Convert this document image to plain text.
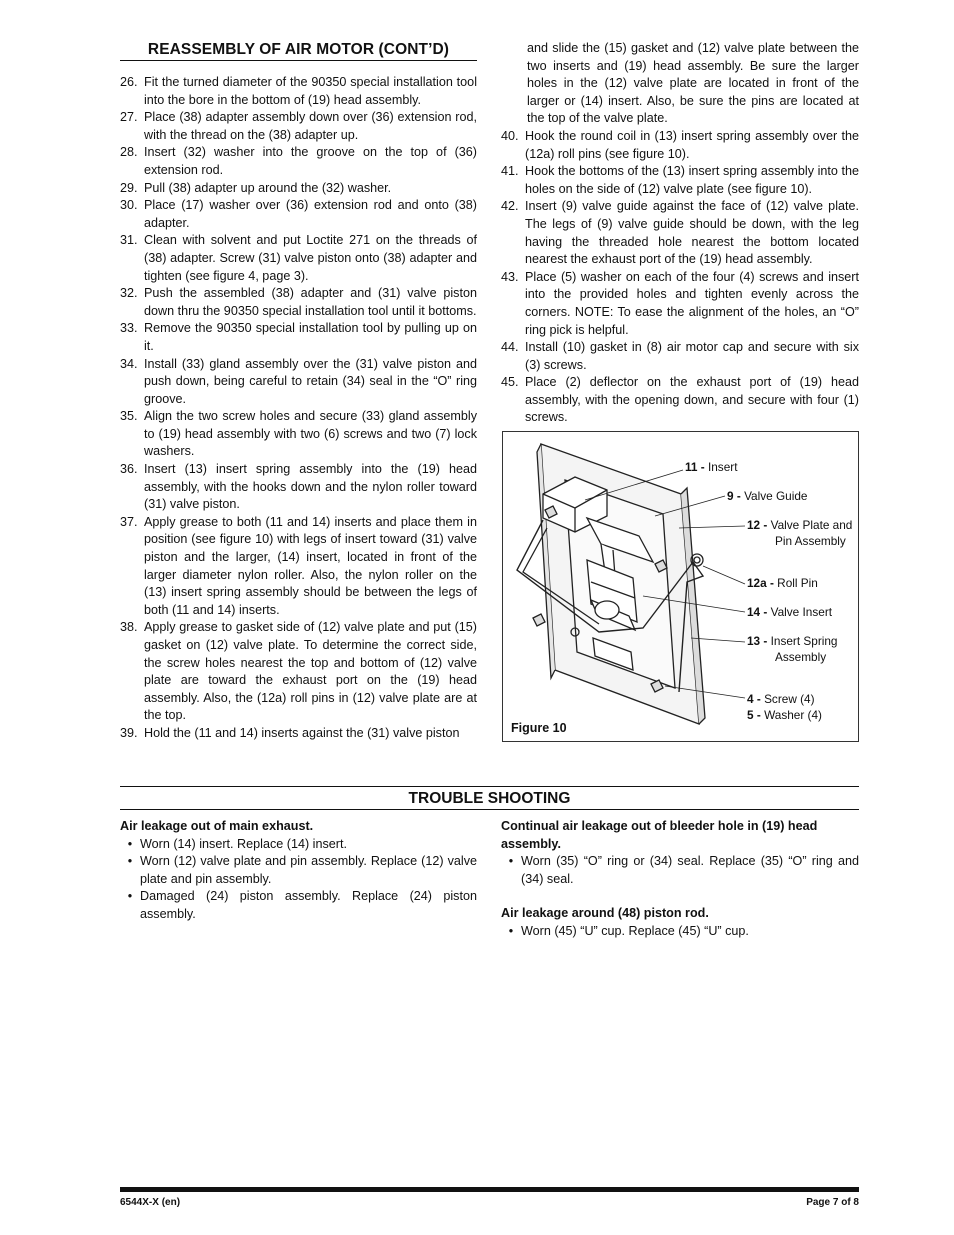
REASSEMBLY OF AIR MOTOR (CONT’D)
26. Fit the turned diameter of the 90350 special installation tool into the bore in the bottom of (19) head assembly.
27. Place (38) adapter assembly down over (36) extension rod, with the thread on the (38) adapter up.
28. Insert (32) washer into the groove on the top of (36) extension rod.
29. Pull (38) adapter up around the (32) washer.
30. Place (17) washer over (36) extension rod and onto (38) adapter.
31. Clean with solvent and put Loctite 271 on the threads of (38) adapter. Screw (31) valve piston onto (38) adapter and tighten (see figure 4, page 3).
32. Push the assembled (38) adapter and (31) valve piston down thru the 90350 special installation tool until it bottoms.
33. Remove the 90350 special installation tool by pulling up on it.
34. Install (33) gland assembly over the (31) valve piston and push down, being careful to retain (34) seal in the “O” ring groove.
35. Align the two screw holes and secure (33) gland assembly to (19) head assembly with two (6) screws and two (7) lock washers.
36. Insert (13) insert spring assembly into the (19) head assembly, with the hooks down and the nylon roller toward (31) valve piston.
37. Apply grease to both (11 and 14) inserts and place them in position (see figure 10) with legs of insert toward (31) valve piston and the larger, (14) insert, located in front of the larger diameter nylon roller. Also, the nylon roller on the (13) insert spring assembly should be between the legs of both (11 and 14) inserts.
38. Apply grease to gasket side of (12) valve plate and put (15) gasket on (12) valve plate. To determine the correct side, the screw holes nearest the top and bottom of (12) valve plate are toward the exhaust port on the (19) head assembly. Also, the (12a) roll pins in (12) valve plate are at the top.
39. Hold the (11 and 14) inserts against the (31) valve piston
and slide the (15) gasket and (12) valve plate between the two inserts and (19) head assembly. Be sure the larger holes in the (12) valve plate are located in front of the larger or (14) insert. Also, be sure the pins are located at the top of the valve plate.
40. Hook the round coil in (13) insert spring assembly over the (12a) roll pins (see figure 10).
41. Hook the bottoms of the (13) insert spring assembly into the holes on the side of (12) valve plate (see figure 10).
42. Insert (9) valve guide against the face of (12) valve plate. The legs of (9) valve guide should be down, with the leg having the threaded hole nearest the bottom located nearest the exhaust port of the (19) head assembly.
43. Place (5) washer on each of the four (4) screws and insert into the provided holes and tighten evenly across the corners. NOTE: To ease the alignment of the holes, an “O” ring pick is helpful.
44. Install (10) gasket in (8) air motor cap and secure with six (3) screws.
45. Place (2) deflector on the exhaust port of (19) head assembly, with the opening down, and secure with four (1) screws.
11 - Insert
9 - Valve Guide
12 - Valve Plate and
Pin Assembly
12a - Roll Pin
14 - Valve Insert
13 - Insert Spring
Assembly
4 - Screw (4)
5 - Washer (4)
Figure 10
TROUBLE SHOOTING
Air leakage out of main exhaust.
• Worn (14) insert. Replace (14) insert.
• Worn (12) valve plate and pin assembly. Replace (12) valve plate and pin assembly.
• Damaged (24) piston assembly. Replace (24) piston assembly.
Continual air leakage out of bleeder hole in (19) head assembly.
• Worn (35) “O” ring or (34) seal. Replace (35) “O” ring and (34) seal.
Air leakage around (48) piston rod.
• Worn (45) “U” cup. Replace (45) “U” cup.
6544X-X (en)	Page 7 of 8
